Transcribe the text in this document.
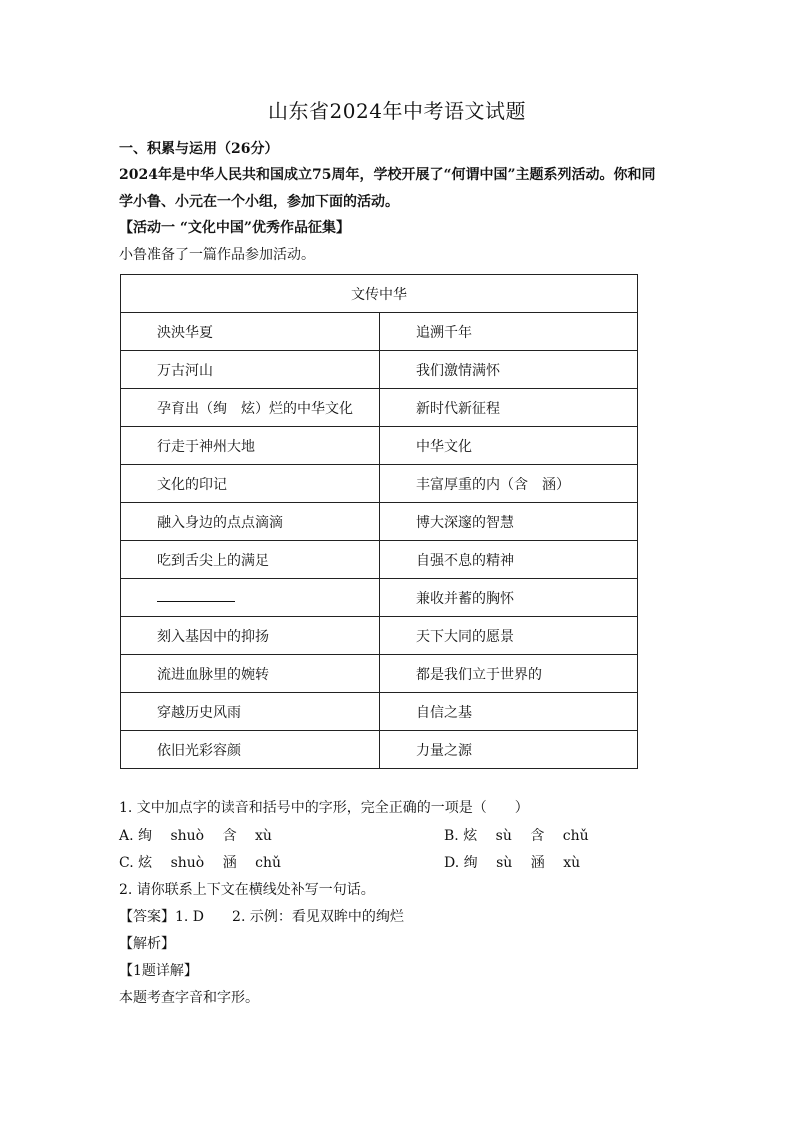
山东省2024年中考语文试题
一、积累与运用（26分）
2024年是中华人民共和国成立75周年，学校开展了“何谓中国”主题系列活动。你和同
学小鲁、小元在一个小组，参加下面的活动。
【活动一 “文化中国”优秀作品征集】
小鲁准备了一篇作品参加活动。
文传中华	
泱泱华夏	追溯千年
万古河山	我们激情满怀
孕育出（绚　炫）烂的中华文化	新时代新征程
行走于神州大地	中华文化
文化的印记	丰富厚重的内（含　涵）
融入身边的点点滴滴	博大深邃的智慧
吃到舌尖上的满足	自强不息的精神
	兼收并蓄的胸怀
刻入基因中的抑扬	天下大同的愿景
流进血脉里的婉转	都是我们立于世界的
穿越历史风雨	自信之基
依旧光彩容颜	力量之源
1. 文中加点字的读音和括号中的字形，完全正确的一项是（　　）
A. 绚 shuò 含 xù	B. 炫 sù 含 chǔ
C. 炫 shuò 涵 chǔ	D. 绚 sù 涵 xù
2. 请你联系上下文在横线处补写一句话。
【答案】1. D　　2. 示例：看见双眸中的绚烂
【解析】
【1题详解】
本题考查字音和字形。
